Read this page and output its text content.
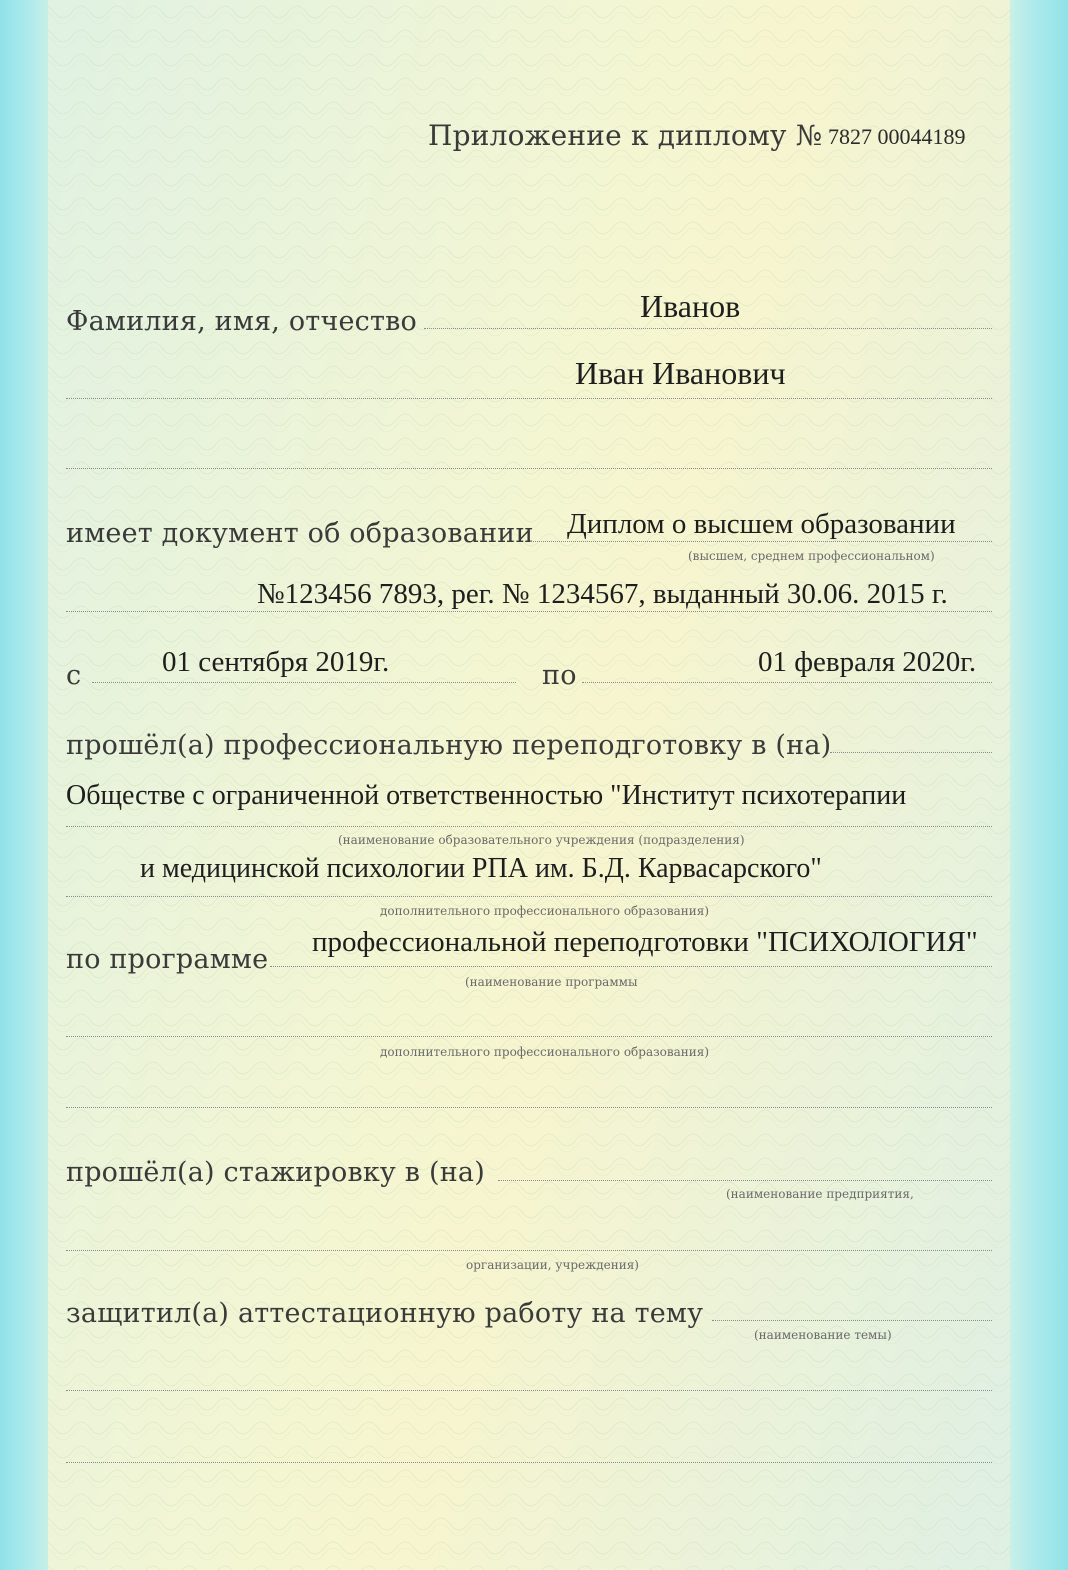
Приложение к диплому № 7827 00044189
Фамилия, имя, отчество	Иванов
Иван Иванович
имеет документ об образовании Диплом о высшем образовании
(высшем, среднем профессиональном)
№123456 7893, рег. № 1234567, выданный 30.06. 2015 г.
с	01 сентября 2019г.	по	01 февраля 2020г.
прошёл(а) профессиональную переподготовку в (на)
Обществе с ограниченной ответственностью "Институт психотерапии
(наименование образовательного учреждения (подразделения)
и медицинской психологии РПА им. Б.Д. Карвасарского"
дополнительного профессионального образования)
по программе
профессиональной переподготовки "ПСИХОЛОГИЯ"
(наименование программы
дополнительного профессионального образования)
прошёл(а) стажировку в (на)
(наименование предприятия,
организации, учреждения)
защитил(а) аттестационную работу на тему
(наименование темы)
